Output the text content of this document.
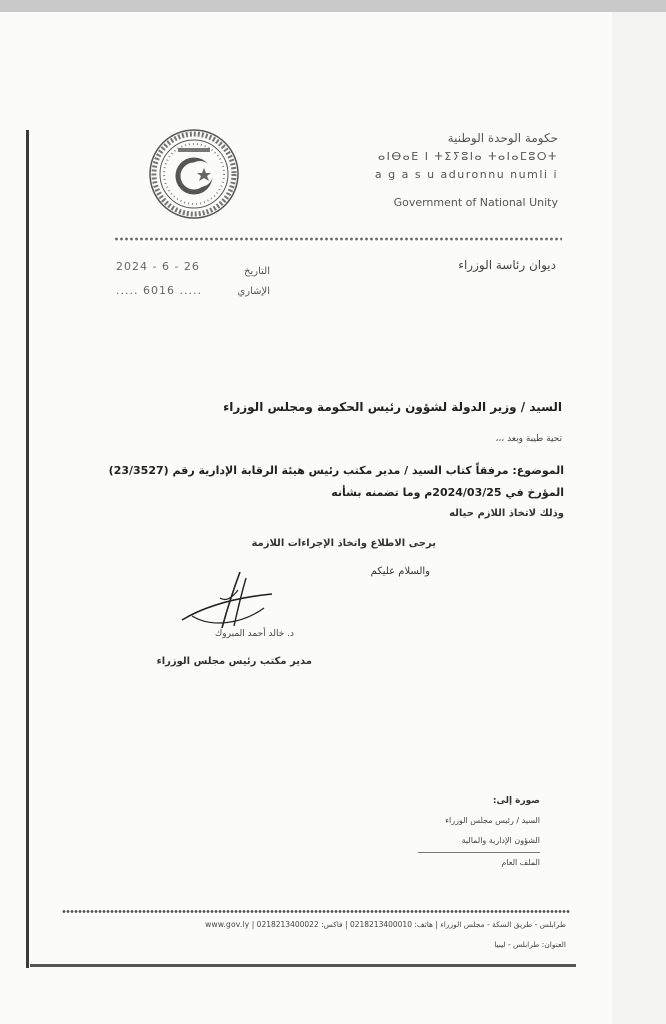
حكومة الوحدة الوطنية
ⴰⵏⴱⴰⴹ ⵏ ⵜⵉⵢⵓⵏⴰ ⵜⴰⵏⴰⵎⵓⵔⵜ
a g a s u aduronnu numli i
Government of National Unity
ديوان رئاسة الوزراء
التاريخ
2024 - 6 - 26
الإشاري
..... 6016 .....
السيد / وزير الدولة لشؤون رئيس الحكومة ومجلس الوزراء
تحية طيبة وبعد ،،،
الموضوع: مرفقاً كتاب السيد / مدير مكتب رئيس هيئة الرقابة الإدارية رقم (23/3527)
المؤرخ في 2024/03/25م وما تضمنه بشأنه
وذلك لاتخاذ اللازم حياله
يرجى الاطلاع واتخاذ الإجراءات اللازمة
والسلام عليكم
د. خالد أحمد المبروك
مدير مكتب رئيس مجلس الوزراء
صورة إلى:
السيد / رئيس مجلس الوزراء
الشؤون الإدارية والمالية
الملف العام
طرابلس - طريق السكة - مجلس الوزراء | هاتف: 0218213400010 | فاكس: 0218213400022 | www.gov.ly
العنوان: طرابلس - ليبيا
